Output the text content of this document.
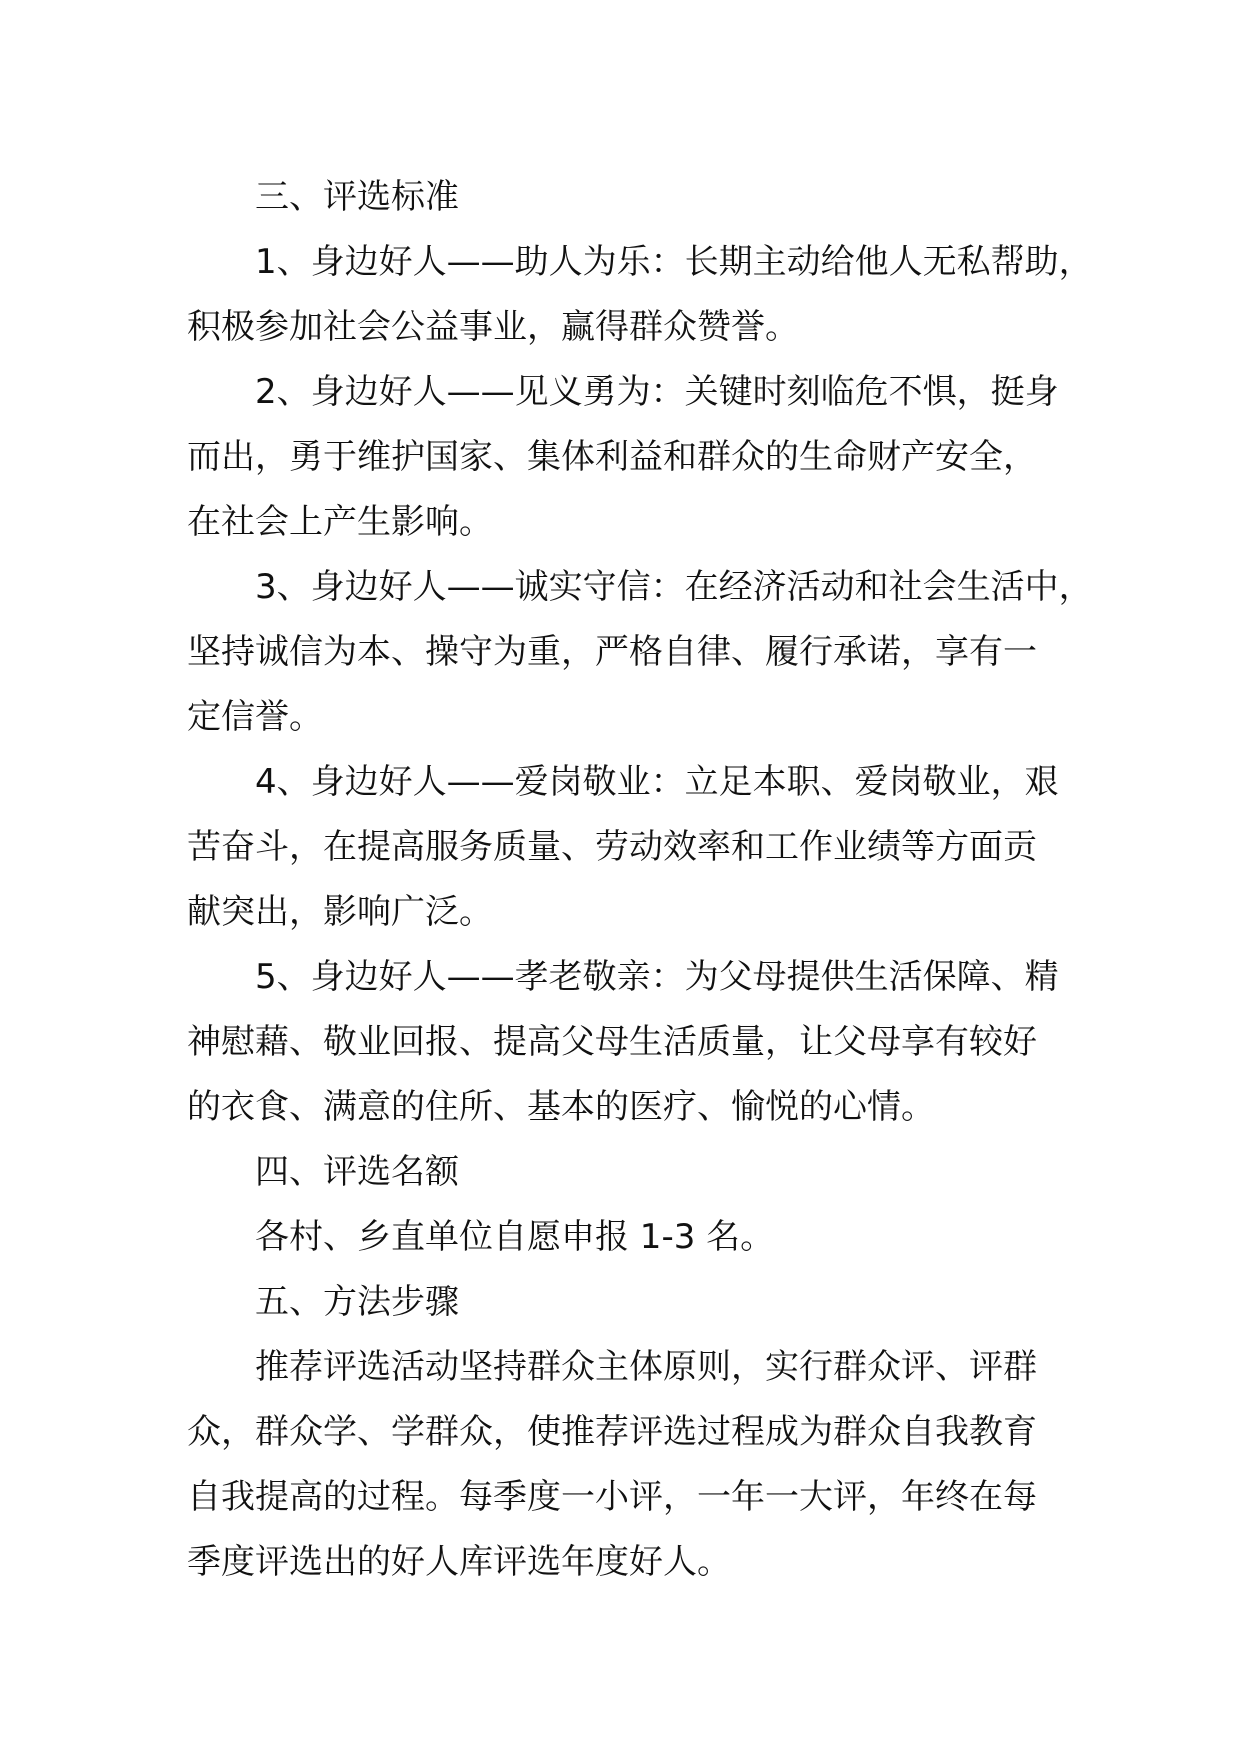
三、评选标准
1、身边好人——助人为乐：长期主动给他人无私帮助，
积极参加社会公益事业，赢得群众赞誉。
2、身边好人——见义勇为：关键时刻临危不惧，挺身
而出，勇于维护国家、集体利益和群众的生命财产安全，
在社会上产生影响。
3、身边好人——诚实守信：在经济活动和社会生活中，
坚持诚信为本、操守为重，严格自律、履行承诺，享有一
定信誉。
4、身边好人——爱岗敬业：立足本职、爱岗敬业，艰
苦奋斗，在提高服务质量、劳动效率和工作业绩等方面贡
献突出，影响广泛。
5、身边好人——孝老敬亲：为父母提供生活保障、精
神慰藉、敬业回报、提高父母生活质量，让父母享有较好
的衣食、满意的住所、基本的医疗、愉悦的心情。
四、评选名额
各村、乡直单位自愿申报 1-3 名。
五、方法步骤
推荐评选活动坚持群众主体原则，实行群众评、评群
众，群众学、学群众，使推荐评选过程成为群众自我教育
自我提高的过程。每季度一小评，一年一大评，年终在每
季度评选出的好人库评选年度好人。
